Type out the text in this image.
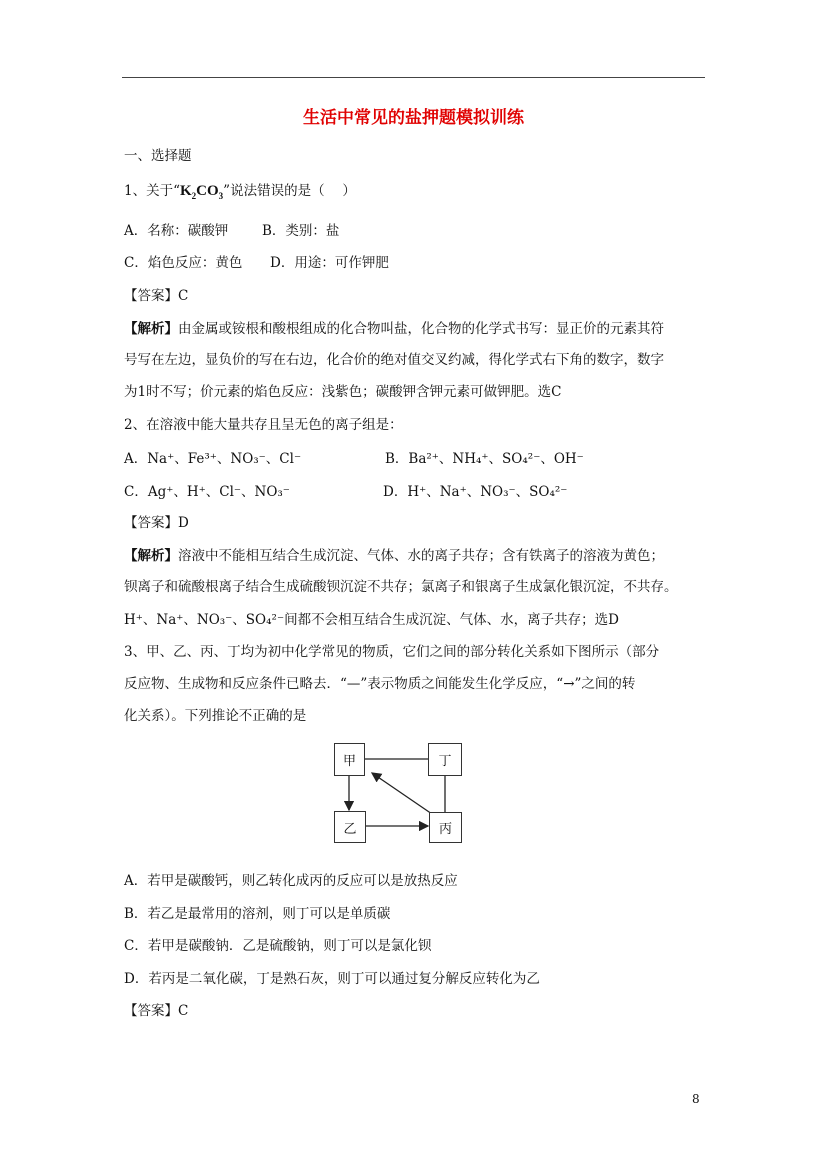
生活中常见的盐押题模拟训练
一、选择题
1、关于“$K_2CO_3$”说法错误的是（　 ）
A．名称：碳酸钾	B．类别：盐
C．焰色反应：黄色 D．用途：可作钾肥
【答案】C
【解析】由金属或铵根和酸根组成的化合物叫盐，化合物的化学式书写：显正价的元素其符
号写在左边，显负价的写在右边，化合价的绝对值交叉约减，得化学式右下角的数字，数字
为1时不写；价元素的焰色反应：浅紫色；碳酸钾含钾元素可做钾肥。选C
2、在溶液中能大量共存且呈无色的离子组是：
A．Na⁺、Fe³⁺、NO₃⁻、Cl⁻	B．Ba²⁺、NH₄⁺、SO₄²⁻、OH⁻
C．Ag⁺、H⁺、Cl⁻、NO₃⁻	D．H⁺、Na⁺、NO₃⁻、SO₄²⁻
【答案】D
【解析】溶液中不能相互结合生成沉淀、气体、水的离子共存；含有铁离子的溶液为黄色；
钡离子和硫酸根离子结合生成硫酸钡沉淀不共存；氯离子和银离子生成氯化银沉淀，不共存。
H⁺、Na⁺、NO₃⁻、SO₄²⁻间都不会相互结合生成沉淀、气体、水，离子共存；选D
3、甲、乙、丙、丁均为初中化学常见的物质，它们之间的部分转化关系如下图所示（部分
反应物、生成物和反应条件已略去．“—”表示物质之间能发生化学反应，“→”之间的转
化关系）。下列推论不正确的是
甲	丁
乙	丙
A．若甲是碳酸钙，则乙转化成丙的反应可以是放热反应
B．若乙是最常用的溶剂，则丁可以是单质碳
C．若甲是碳酸钠．乙是硫酸钠，则丁可以是氯化钡
D．若丙是二氧化碳，丁是熟石灰，则丁可以通过复分解反应转化为乙
【答案】C
8
